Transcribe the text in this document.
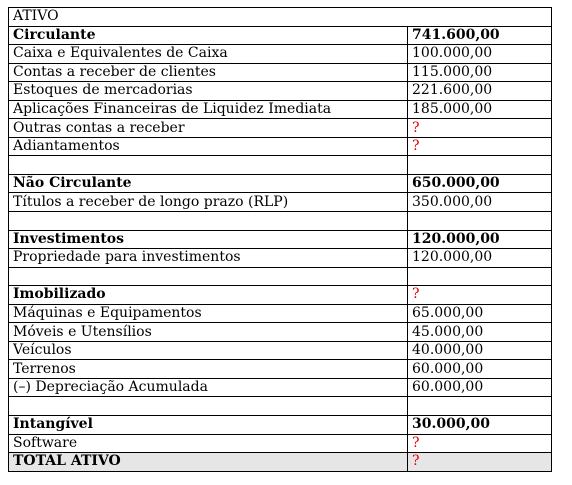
ATIVO	
Circulante	741.600,00
Caixa e Equivalentes de Caixa	100.000,00
Contas a receber de clientes	115.000,00
Estoques de mercadorias	221.600,00
Aplicações Financeiras de Liquidez Imediata	185.000,00
Outras contas a receber	?
Adiantamentos	?

Não Circulante	650.000,00
Títulos a receber de longo prazo (RLP)	350.000,00

Investimentos	120.000,00
Propriedade para investimentos	120.000,00

Imobilizado	?
Máquinas e Equipamentos	65.000,00
Móveis e Utensílios	45.000,00
Veículos	40.000,00
Terrenos	60.000,00
(–) Depreciação Acumulada	60.000,00

Intangível	30.000,00
Software	?
TOTAL ATIVO	?
